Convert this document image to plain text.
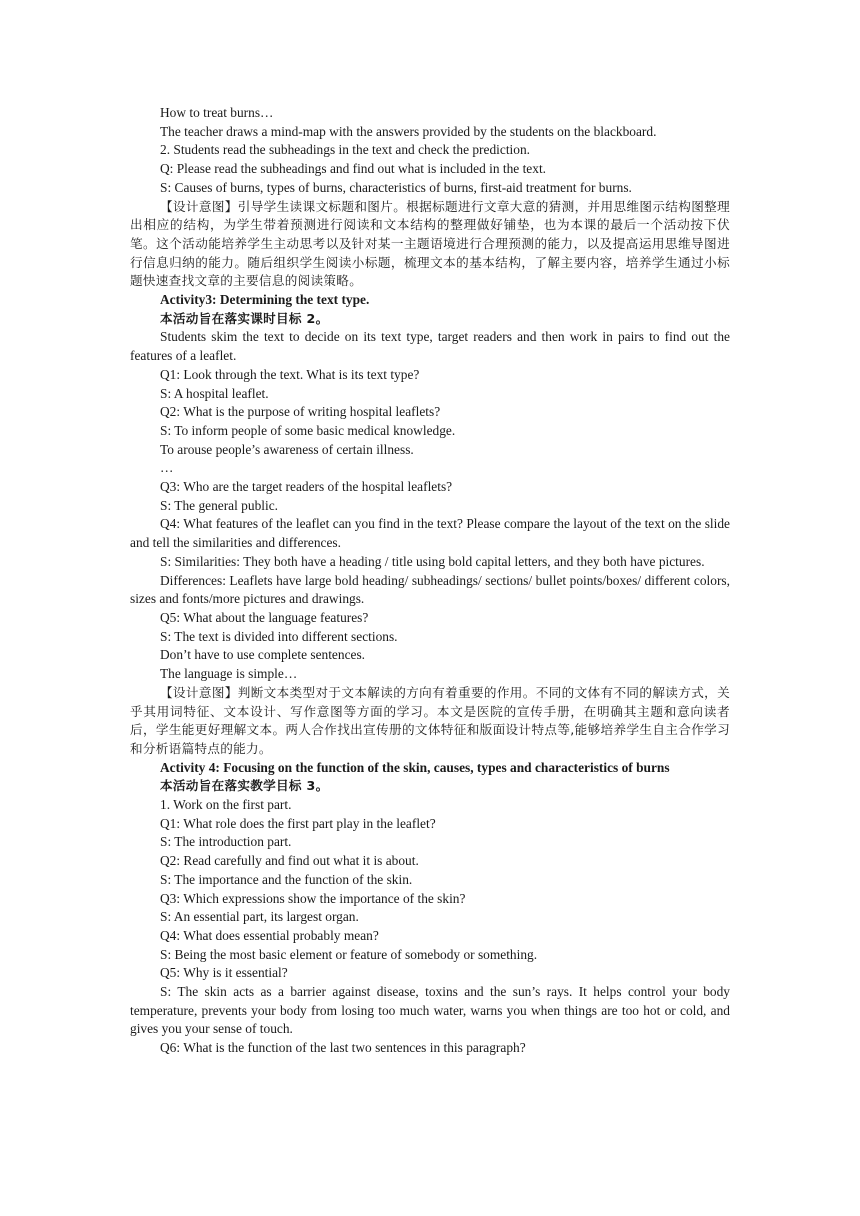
How to treat burns…

The teacher draws a mind-map with the answers provided by the students on the blackboard.

2. Students read the subheadings in the text and check the prediction.

Q: Please read the subheadings and find out what is included in the text.

S: Causes of burns, types of burns, characteristics of burns, first-aid treatment for burns.

【设计意图】引导学生读课文标题和图片。根据标题进行文章大意的猜测，并用思维图示结构图整理出相应的结构，为学生带着预测进行阅读和文本结构的整理做好铺垫，也为本课的最后一个活动按下伏笔。这个活动能培养学生主动思考以及针对某一主题语境进行合理预测的能力，以及提高运用思维导图进行信息归纳的能力。随后组织学生阅读小标题，梳理文本的基本结构，了解主要内容，培养学生通过小标题快速查找文章的主要信息的阅读策略。

Activity3: Determining the text type.

本活动旨在落实课时目标 2。

Students skim the text to decide on its text type, target readers and then work in pairs to find out the features of a leaflet.

Q1: Look through the text. What is its text type?

S: A hospital leaflet.

Q2: What is the purpose of writing hospital leaflets?

S: To inform people of some basic medical knowledge.

To arouse people’s awareness of certain illness.

…

Q3: Who are the target readers of the hospital leaflets?

S: The general public.

Q4: What features of the leaflet can you find in the text? Please compare the layout of the text on the slide and tell the similarities and differences.

S: Similarities: They both have a heading / title using bold capital letters, and they both have pictures.

Differences: Leaflets have large bold heading/ subheadings/ sections/ bullet points/boxes/ different colors, sizes and fonts/more pictures and drawings.

Q5: What about the language features?

S: The text is divided into different sections.

Don’t have to use complete sentences.

The language is simple…

【设计意图】判断文本类型对于文本解读的方向有着重要的作用。不同的文体有不同的解读方式，关乎其用词特征、文本设计、写作意图等方面的学习。本文是医院的宣传手册，在明确其主题和意向读者后，学生能更好理解文本。两人合作找出宣传册的文体特征和版面设计特点等,能够培养学生自主合作学习和分析语篇特点的能力。

Activity 4: Focusing on the function of the skin, causes, types and characteristics of burns

本活动旨在落实教学目标 3。

1. Work on the first part.

Q1: What role does the first part play in the leaflet?

S: The introduction part.

Q2: Read carefully and find out what it is about.

S: The importance and the function of the skin.

Q3: Which expressions show the importance of the skin?

S: An essential part, its largest organ.

Q4: What does essential probably mean?

S: Being the most basic element or feature of somebody or something.

Q5: Why is it essential?

S: The skin acts as a barrier against disease, toxins and the sun’s rays. It helps control your body temperature, prevents your body from losing too much water, warns you when things are too hot or cold, and gives you your sense of touch.

Q6: What is the function of the last two sentences in this paragraph?
